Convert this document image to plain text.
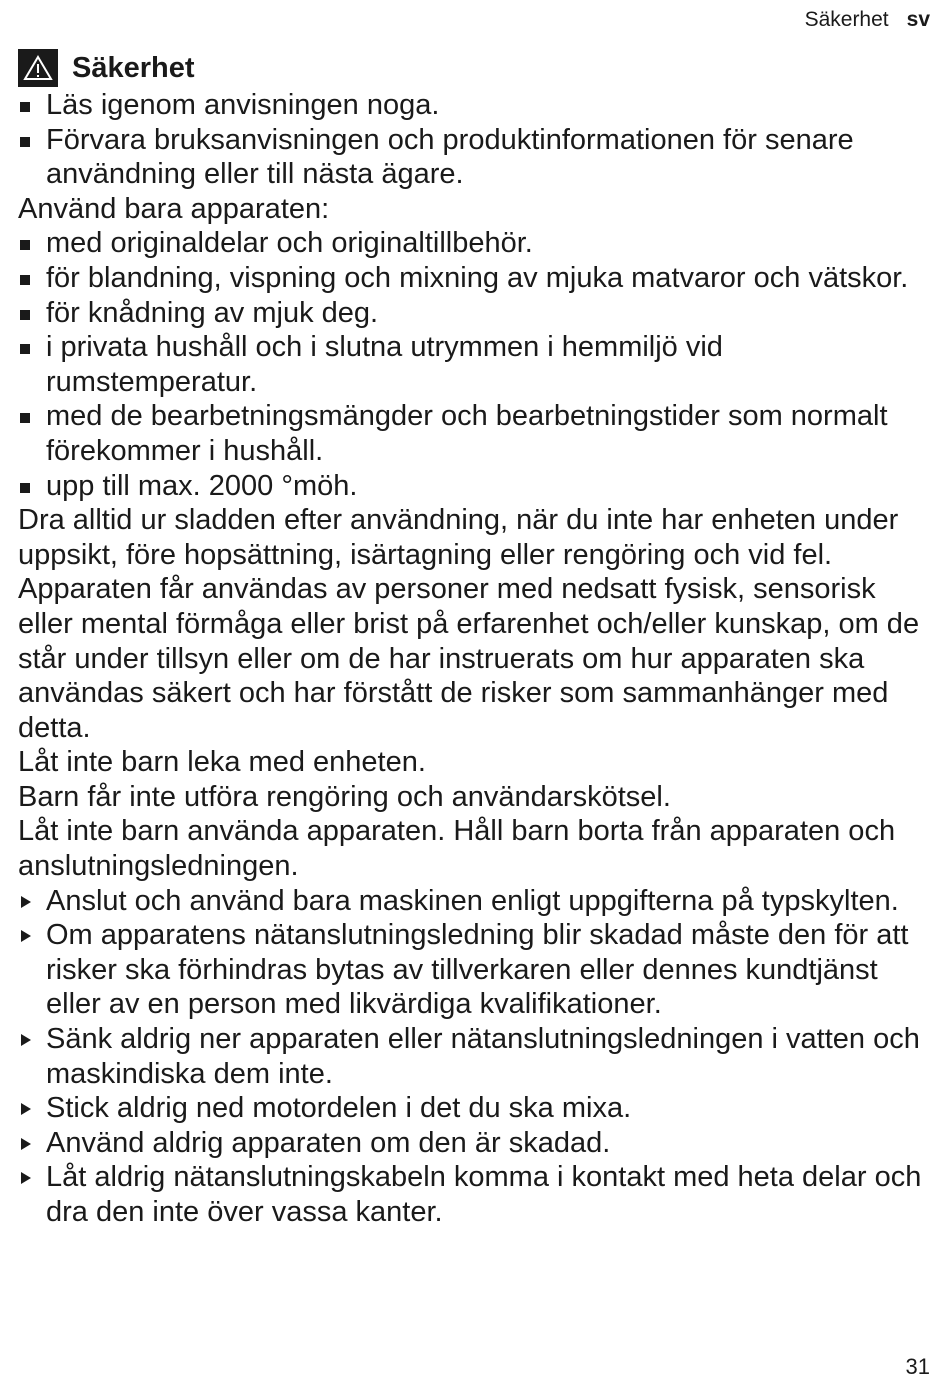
Säkerhet sv
Säkerhet
Läs igenom anvisningen noga.
Förvara bruksanvisningen och produktinformationen för senare användning eller till nästa ägare.
Använd bara apparaten:
med originaldelar och originaltillbehör.
för blandning, vispning och mixning av mjuka matvaror och vätskor.
för knådning av mjuk deg.
i privata hushåll och i slutna utrymmen i hemmiljö vid rumstemperatur.
med de bearbetningsmängder och bearbetningstider som normalt förekommer i hushåll.
upp till max. 2000 °möh.
Dra alltid ur sladden efter användning, när du inte har enheten under uppsikt, före hopsättning, isärtagning eller rengöring och vid fel.
Apparaten får användas av personer med nedsatt fysisk, sensorisk eller mental förmåga eller brist på erfarenhet och/eller kunskap, om de står under tillsyn eller om de har instruerats om hur apparaten ska användas säkert och har förstått de risker som sammanhänger med detta.
Låt inte barn leka med enheten.
Barn får inte utföra rengöring och användarskötsel.
Låt inte barn använda apparaten. Håll barn borta från apparaten och anslutningsledningen.
Anslut och använd bara maskinen enligt uppgifterna på typskylten.
Om apparatens nätanslutningsledning blir skadad måste den för att risker ska förhindras bytas av tillverkaren eller dennes kundtjänst eller av en person med likvärdiga kvalifikationer.
Sänk aldrig ner apparaten eller nätanslutningsledningen i vatten och maskindiska dem inte.
Stick aldrig ned motordelen i det du ska mixa.
Använd aldrig apparaten om den är skadad.
Låt aldrig nätanslutningskabeln komma i kontakt med heta delar och dra den inte över vassa kanter.
31
